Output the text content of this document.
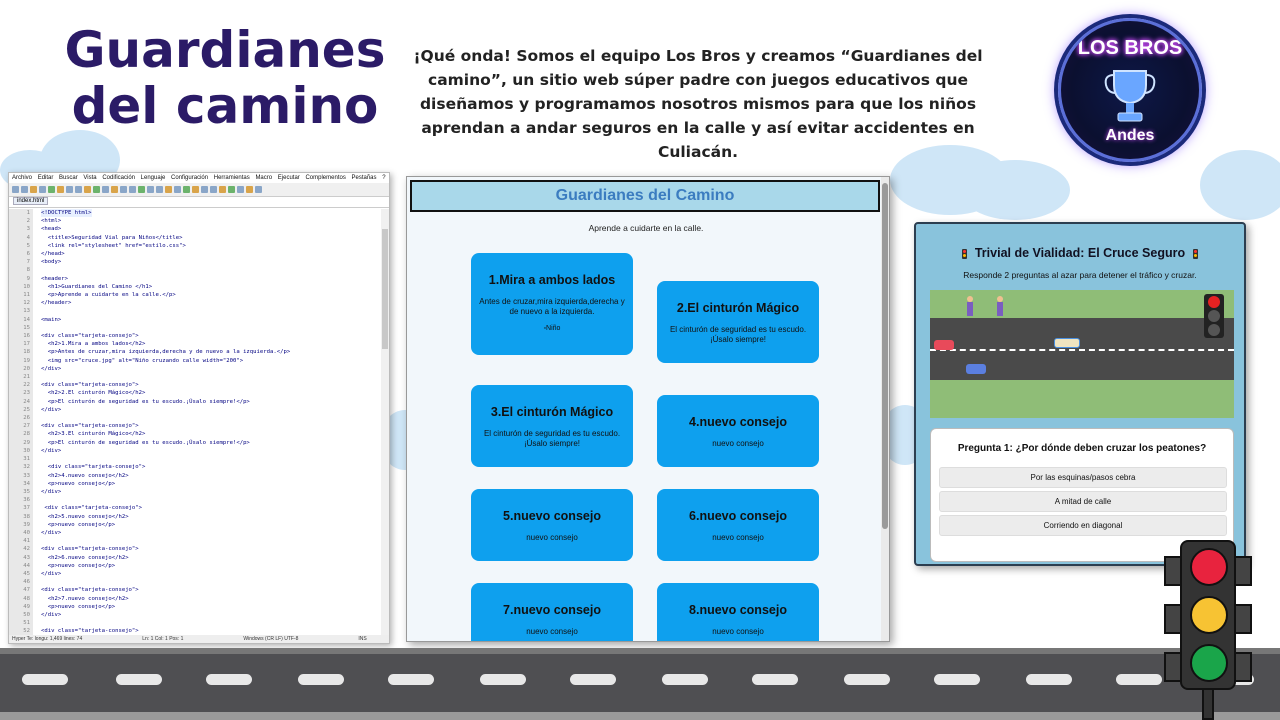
Guardianes
del camino
¡Qué onda! Somos el equipo Los Bros y creamos “Guardianes del camino”, un sitio web súper padre con juegos educativos que diseñamos y programamos nosotros mismos para que los niños aprendan a andar seguros en la calle y así evitar accidentes en Culiacán.
LOS BROS
Andes
Archivo Editar Buscar Vista Codificación Lenguaje Configuración Herramientas Macro Ejecutar Complementos Pestañas ?
index.html
1	<!DOCTYPE html>
2	<html>
3	<head>
4	<title>Seguridad Vial para Niños</title>
5	<link rel="stylesheet" href="estilo.css">
6	</head>
7	<body>
8
9	<header>
10	<h1>Guardianes del Camino </h1>
11	<p>Aprende a cuidarte en la calle.</p>
12	</header>
13
14	<main>
15
16	<div class="tarjeta-consejo">
17	<h2>1.Mira a ambos lados</h2>
18	<p>Antes de cruzar,mira izquierda,derecha y de nuevo a la izquierda.</p>
19	<img src="cruce.jpg" alt="Niño cruzando calle width="200">
20	</div>
21
22	<div class="tarjeta-consejo">
23	<h2>2.El cinturón Mágico</h2>
24	<p>El cinturón de seguridad es tu escudo.¡Úsalo siempre!</p>
25	</div>
26
27	<div class="tarjeta-consejo">
28	<h2>3.El cinturón Mágico</h2>
29	<p>El cinturón de seguridad es tu escudo.¡Úsalo siempre!</p>
30	</div>
31
32	<div class="tarjeta-consejo">
33	<h2>4.nuevo consejo</h2>
34	<p>nuevo consejo</p>
35	</div>
36
37	<div class="tarjeta-consejo">
38	<h2>5.nuevo consejo</h2>
39	<p>nuevo consejo</p>
40	</div>
41
42	<div class="tarjeta-consejo">
43	<h2>6.nuevo consejo</h2>
44	<p>nuevo consejo</p>
45	</div>
46
47	<div class="tarjeta-consejo">
48	<h2>7.nuevo consejo</h2>
49	<p>nuevo consejo</p>
50	</div>
51
52	<div class="tarjeta-consejo">
Hyper Te: longu: 1,469 lines: 74	Ln: 1 Col: 1 Pos: 1	Windows (CR LF) UTF-8	INS
Guardianes del Camino
Aprende a cuidarte en la calle.
1.Mira a ambos lados

Antes de cruzar,mira izquierda,derecha y de nuevo a la izquierda.

▫Niño
2.El cinturón Mágico

El cinturón de seguridad es tu escudo.¡Úsalo siempre!

3.El cinturón Mágico

El cinturón de seguridad es tu escudo.¡Úsalo siempre!

4.nuevo consejo

nuevo consejo

5.nuevo consejo

nuevo consejo

6.nuevo consejo

nuevo consejo

7.nuevo consejo

nuevo consejo

8.nuevo consejo

nuevo consejo

Trivial de Vialidad: El Cruce Seguro
Responde 2 preguntas al azar para detener el tráfico y cruzar.
Pregunta 1: ¿Por dónde deben cruzar los peatones?
Por las esquinas/pasos cebra
A mitad de calle
Corriendo en diagonal
